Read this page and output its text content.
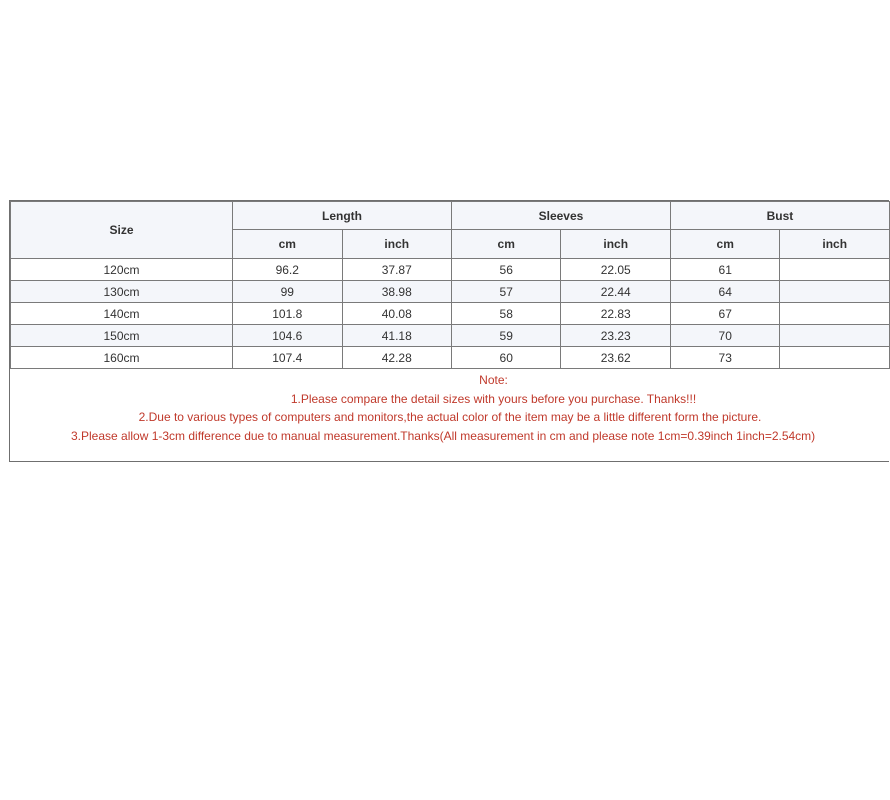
Size	Length		Sleeves		Bust	
	cm	inch	cm	inch	cm	inch
120cm	96.2	37.87	56	22.05	61	
130cm	99	38.98	57	22.44	64	
140cm	101.8	40.08	58	22.83	67	
150cm	104.6	41.18	59	23.23	70	
160cm	107.4	42.28	60	23.62	73	
Note:
1.Please compare the detail sizes with yours before you purchase. Thanks!!!
2.Due to various types of computers and monitors,the actual color of the item may be a little different form the picture.
3.Please allow 1-3cm difference due to manual measurement.Thanks(All measurement in cm and please note 1cm=0.39inch 1inch=2.54cm)
